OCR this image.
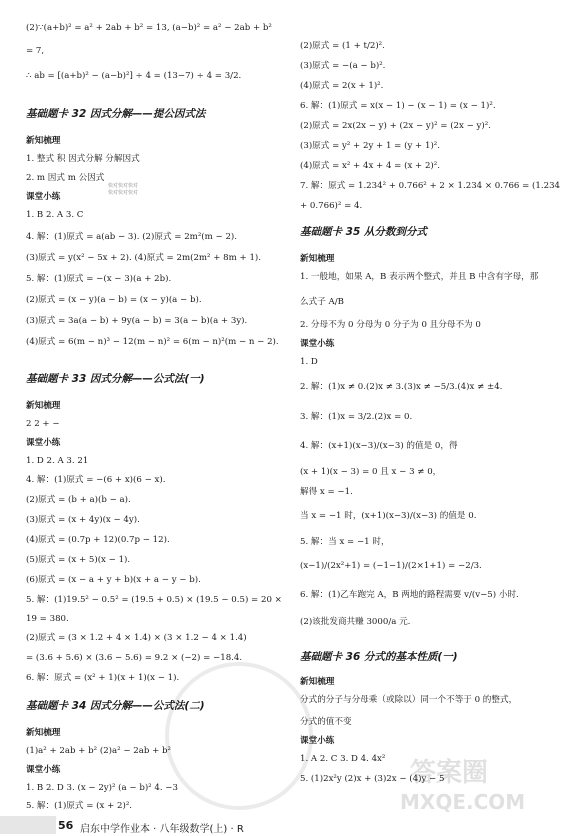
(2)∵(a+b)² = a² + 2ab + b² = 13, (a−b)² = a² − 2ab + b²
= 7,
∴ ab = [(a+b)² − (a−b)²] ÷ 4 = (13−7) ÷ 4 = 3/2.
基础题卡 32 因式分解——提公因式法
新知梳理
1. 整式 积 因式分解 分解因式
2. m 因式 m 公因式
课堂小练
1. B 2. A 3. C
4. 解：(1)原式 = a(ab − 3). (2)原式 = 2m²(m − 2).
(3)原式 = y(x² − 5x + 2). (4)原式 = 2m(2m² + 8m + 1).
5. 解：(1)原式 = −(x − 3)(a + 2b).
(2)原式 = (x − y)(a − b) = (x − y)(a − b).
(3)原式 = 3a(a − b) + 9y(a − b) = 3(a − b)(a + 3y).
(4)原式 = 6(m − n)³ − 12(m − n)² = 6(m − n)²(m − n − 2).
基础题卡 33 因式分解——公式法(一)
新知梳理
2 2 + −
课堂小练
1. D 2. A 3. 21
4. 解：(1)原式 = −(6 + x)(6 − x).
(2)原式 = (b + a)(b − a).
(3)原式 = (x + 4y)(x − 4y).
(4)原式 = (0.7p + 12)(0.7p − 12).
(5)原式 = (x + 5)(x − 1).
(6)原式 = (x − a + y + b)(x + a − y − b).
5. 解：(1)19.5² − 0.5² = (19.5 + 0.5) × (19.5 − 0.5) = 20 ×
19 = 380.
(2)原式 = (3 × 1.2 + 4 × 1.4) × (3 × 1.2 − 4 × 1.4)
= (3.6 + 5.6) × (3.6 − 5.6) = 9.2 × (−2) = −18.4.
6. 解：原式 = (x² + 1)(x + 1)(x − 1).
基础题卡 34 因式分解——公式法(二)
新知梳理
(1)a² + 2ab + b² (2)a² − 2ab + b²
课堂小练
1. B 2. D 3. (x − 2y)² (a − b)² 4. −3
5. 解：(1)原式 = (x + 2)².
(2)原式 = (1 + t/2)².
(3)原式 = −(a − b)².
(4)原式 = 2(x + 1)².
6. 解：(1)原式 = x(x − 1) − (x − 1) = (x − 1)².
(2)原式 = 2x(2x − y) + (2x − y)² = (2x − y)².
(3)原式 = y² + 2y + 1 = (y + 1)².
(4)原式 = x² + 4x + 4 = (x + 2)².
7. 解：原式 = 1.234² + 0.766² + 2 × 1.234 × 0.766 = (1.234
+ 0.766)² = 4.
基础题卡 35 从分数到分式
新知梳理
1. 一般地，如果 A，B 表示两个整式，并且 B 中含有字母，那
么式子 A/B
2. 分母不为 0 分母为 0 分子为 0 且分母不为 0
课堂小练
1. D
2. 解：(1)x ≠ 0.(2)x ≠ 3.(3)x ≠ −5/3.(4)x ≠ ±4.
3. 解：(1)x = 3/2.(2)x = 0.
4. 解：(x+1)(x−3)/(x−3) 的值是 0，得
(x + 1)(x − 3) = 0 且 x − 3 ≠ 0，
解得 x = −1.
当 x = −1 时，(x+1)(x−3)/(x−3) 的值是 0.
5. 解：当 x = −1 时，
(x−1)/(2x²+1) = (−1−1)/(2×1+1) = −2/3.
6. 解：(1)乙车跑完 A，B 两地的路程需要 v/(v−5) 小时.
(2)该批发商共赚 3000/a 元.
基础题卡 36 分式的基本性质(一)
新知梳理
分式的分子与分母乘（或除以）同一个不等于 0 的整式，
分式的值不变
课堂小练
1. A 2. C 3. D 4. 4x²
5. (1)2x²y (2)x + (3)2x − (4)y − 5
快对快对快对
快对快对快对
答案圈
MXQE.COM
56 启东中学作业本 · 八年级数学(上) · R
